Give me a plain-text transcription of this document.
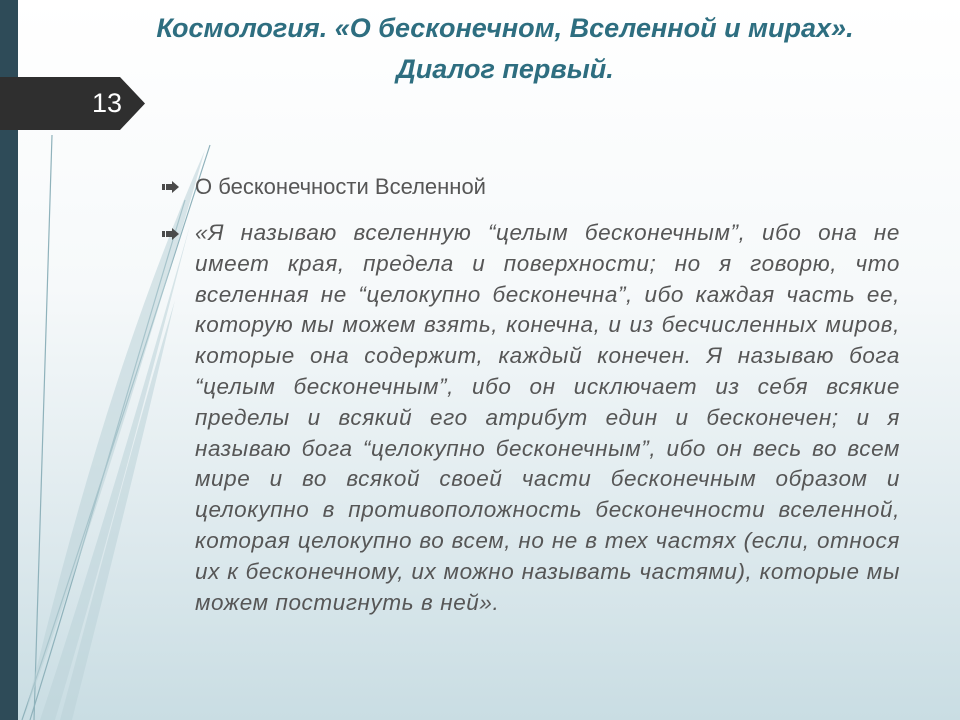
13
Космология. «О бесконечном, Вселенной и мирах». Диалог первый.
О бесконечности Вселенной
«Я называю вселенную “целым бесконечным”, ибо она не имеет края, предела и поверхности; но я говорю, что вселенная не “целокупно бесконечна”, ибо каждая часть ее, которую мы можем взять, конечна, и из бесчисленных миров, которые она содержит, каждый конечен. Я называю бога “целым бесконечным”, ибо он исключает из себя всякие пределы и всякий его атрибут един и бесконечен; и я называю бога “целокупно бесконечным”, ибо он весь во всем мире и во всякой своей части бесконечным образом и целокупно в противоположность бесконечности вселенной, которая целокупно во всем, но не в тех частях (если, относя их к бесконечному, их можно называть частями), которые мы можем постигнуть в ней».
